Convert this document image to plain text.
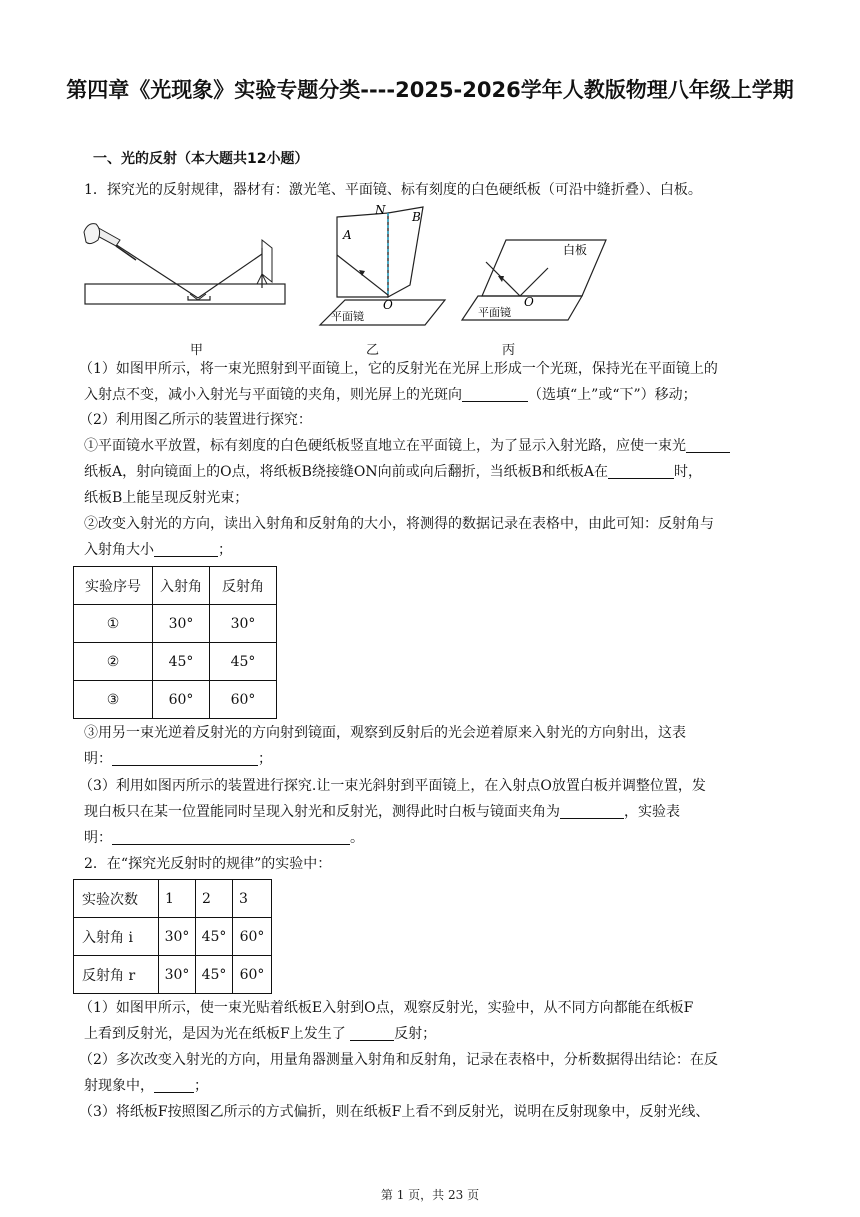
第四章《光现象》实验专题分类----2025-2026学年人教版物理八年级上学期
一、光的反射（本大题共12小题）
1．探究光的反射规律，器材有：激光笔、平面镜、标有刻度的白色硬纸板（可沿中缝折叠）、白板。
甲
N
A
B
O
平面镜
乙
白板
O
平面镜
丙
（1）如图甲所示，将一束光照射到平面镜上，它的反射光在光屏上形成一个光斑，保持光在平面镜上的
入射点不变，减小入射光与平面镜的夹角，则光屏上的光斑向	（选填“上”或“下”）移动；
（2）利用图乙所示的装置进行探究：
①平面镜水平放置，标有刻度的白色硬纸板竖直地立在平面镜上，为了显示入射光路，应使一束光
纸板A，射向镜面上的O点，将纸板B绕接缝ON向前或向后翻折，当纸板B和纸板A在	时，
纸板B上能呈现反射光束；
②改变入射光的方向，读出入射角和反射角的大小，将测得的数据记录在表格中，由此可知：反射角与
入射角大小	；
实验序号	入射角	反射角
①	30°	30°
②	45°	45°
③	60°	60°
③用另一束光逆着反射光的方向射到镜面，观察到反射后的光会逆着原来入射光的方向射出，这表
明：	；
（3）利用如图丙所示的装置进行探究.让一束光斜射到平面镜上，在入射点O放置白板并调整位置，发
现白板只在某一位置能同时呈现入射光和反射光，测得此时白板与镜面夹角为	，实验表
明：	。
2．在“探究光反射时的规律”的实验中：
实验次数	1	2	3
入射角 i	30°	45°	60°
反射角 r	30°	45°	60°
（1）如图甲所示，使一束光贴着纸板E入射到O点，观察反射光，实验中，从不同方向都能在纸板F
上看到反射光，是因为光在纸板F上发生了	反射；
（2）多次改变入射光的方向，用量角器测量入射角和反射角，记录在表格中，分析数据得出结论：在反
射现象中，	；
（3）将纸板F按照图乙所示的方式偏折，则在纸板F上看不到反射光，说明在反射现象中，反射光线、
第 1 页，共 23 页
